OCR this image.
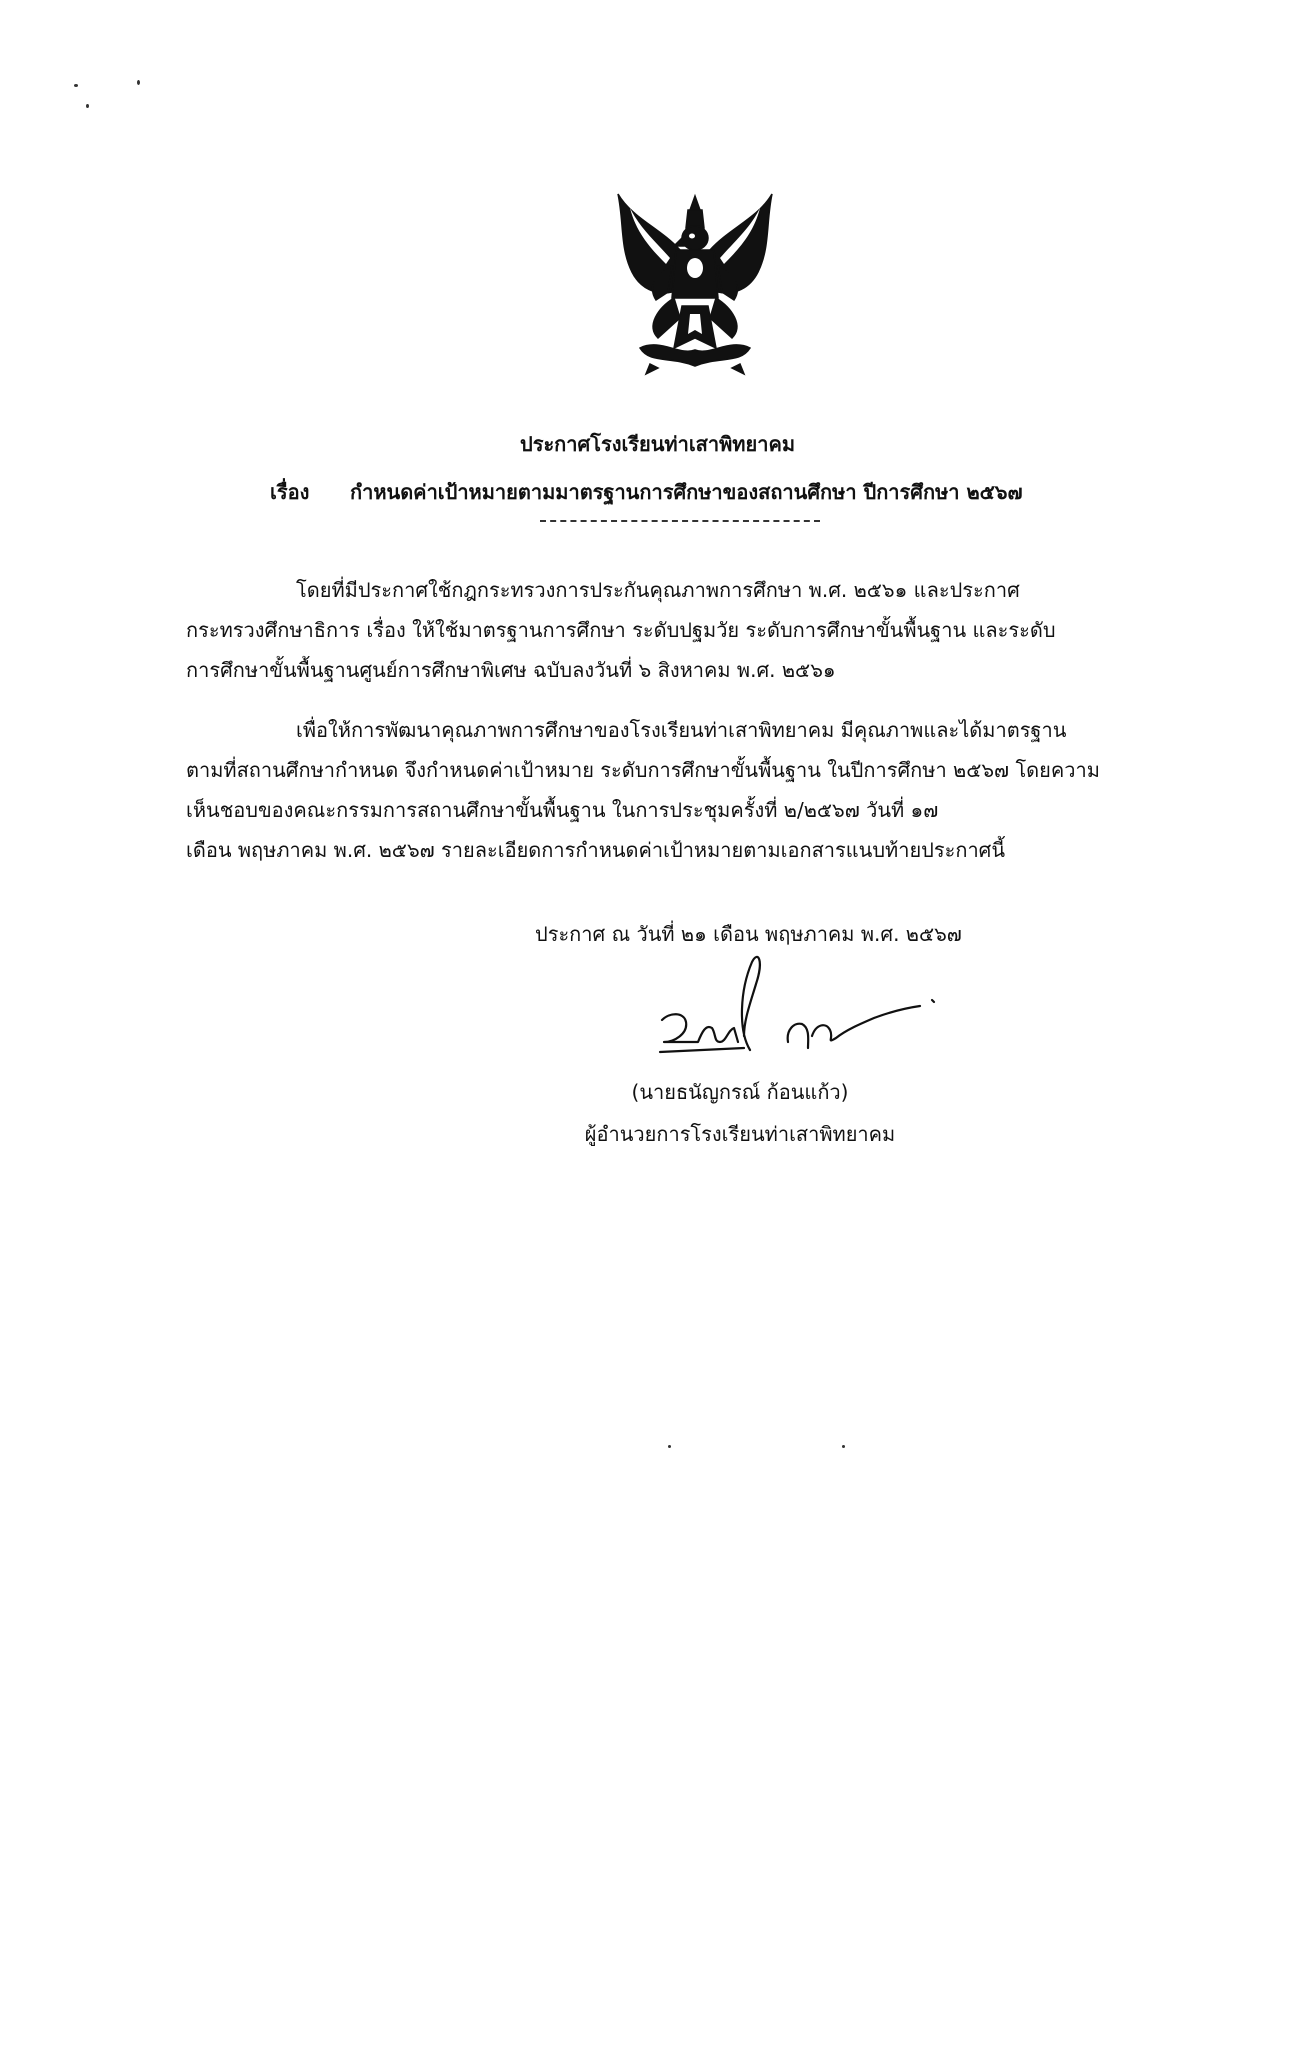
ประกาศโรงเรียนท่าเสาพิทยาคม
เรื่อง กำหนดค่าเป้าหมายตามมาตรฐานการศึกษาของสถานศึกษา ปีการศึกษา ๒๕๖๗
โดยที่มีประกาศใช้กฎกระทรวงการประกันคุณภาพการศึกษา พ.ศ. ๒๕๖๑ และประกาศ
กระทรวงศึกษาธิการ เรื่อง ให้ใช้มาตรฐานการศึกษา ระดับปฐมวัย ระดับการศึกษาขั้นพื้นฐาน และระดับ
การศึกษาขั้นพื้นฐานศูนย์การศึกษาพิเศษ ฉบับลงวันที่ ๖ สิงหาคม พ.ศ. ๒๕๖๑
เพื่อให้การพัฒนาคุณภาพการศึกษาของโรงเรียนท่าเสาพิทยาคม มีคุณภาพและได้มาตรฐาน
ตามที่สถานศึกษากำหนด จึงกำหนดค่าเป้าหมาย ระดับการศึกษาขั้นพื้นฐาน ในปีการศึกษา ๒๕๖๗ โดยความ
เห็นชอบของคณะกรรมการสถานศึกษาขั้นพื้นฐาน ในการประชุมครั้งที่ ๒/๒๕๖๗ วันที่ ๑๗
เดือน พฤษภาคม พ.ศ. ๒๕๖๗ รายละเอียดการกำหนดค่าเป้าหมายตามเอกสารแนบท้ายประกาศนี้
ประกาศ ณ วันที่ ๒๑ เดือน พฤษภาคม พ.ศ. ๒๕๖๗
(นายธนัญกรณ์ ก้อนแก้ว)
ผู้อำนวยการโรงเรียนท่าเสาพิทยาคม
